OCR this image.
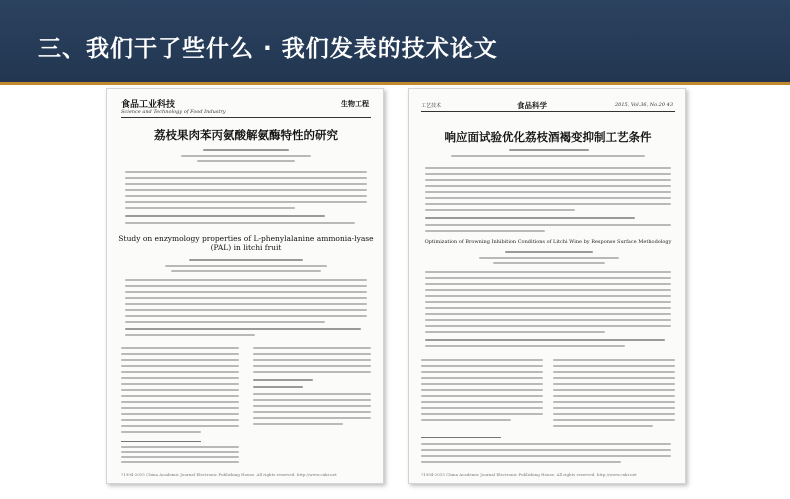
三、我们干了些什么 · 我们发表的技术论文
食品工业科技
Science and Technology of Food Industry
生物工程
荔枝果肉苯丙氨酸解氨酶特性的研究
Study on enzymology properties of L-phenylalanine ammonia-lyase (PAL) in litchi fruit
?1994-2015 China Academic Journal Electronic Publishing House. All rights reserved. http://www.cnki.net
工艺技术	食品科学	2015, Vol.36, No.20 43
响应面试验优化荔枝酒褐变抑制工艺条件
Optimization of Browning Inhibition Conditions of Litchi Wine by Response Surface Methodology
?1994-2015 China Academic Journal Electronic Publishing House. All rights reserved. http://www.cnki.net
